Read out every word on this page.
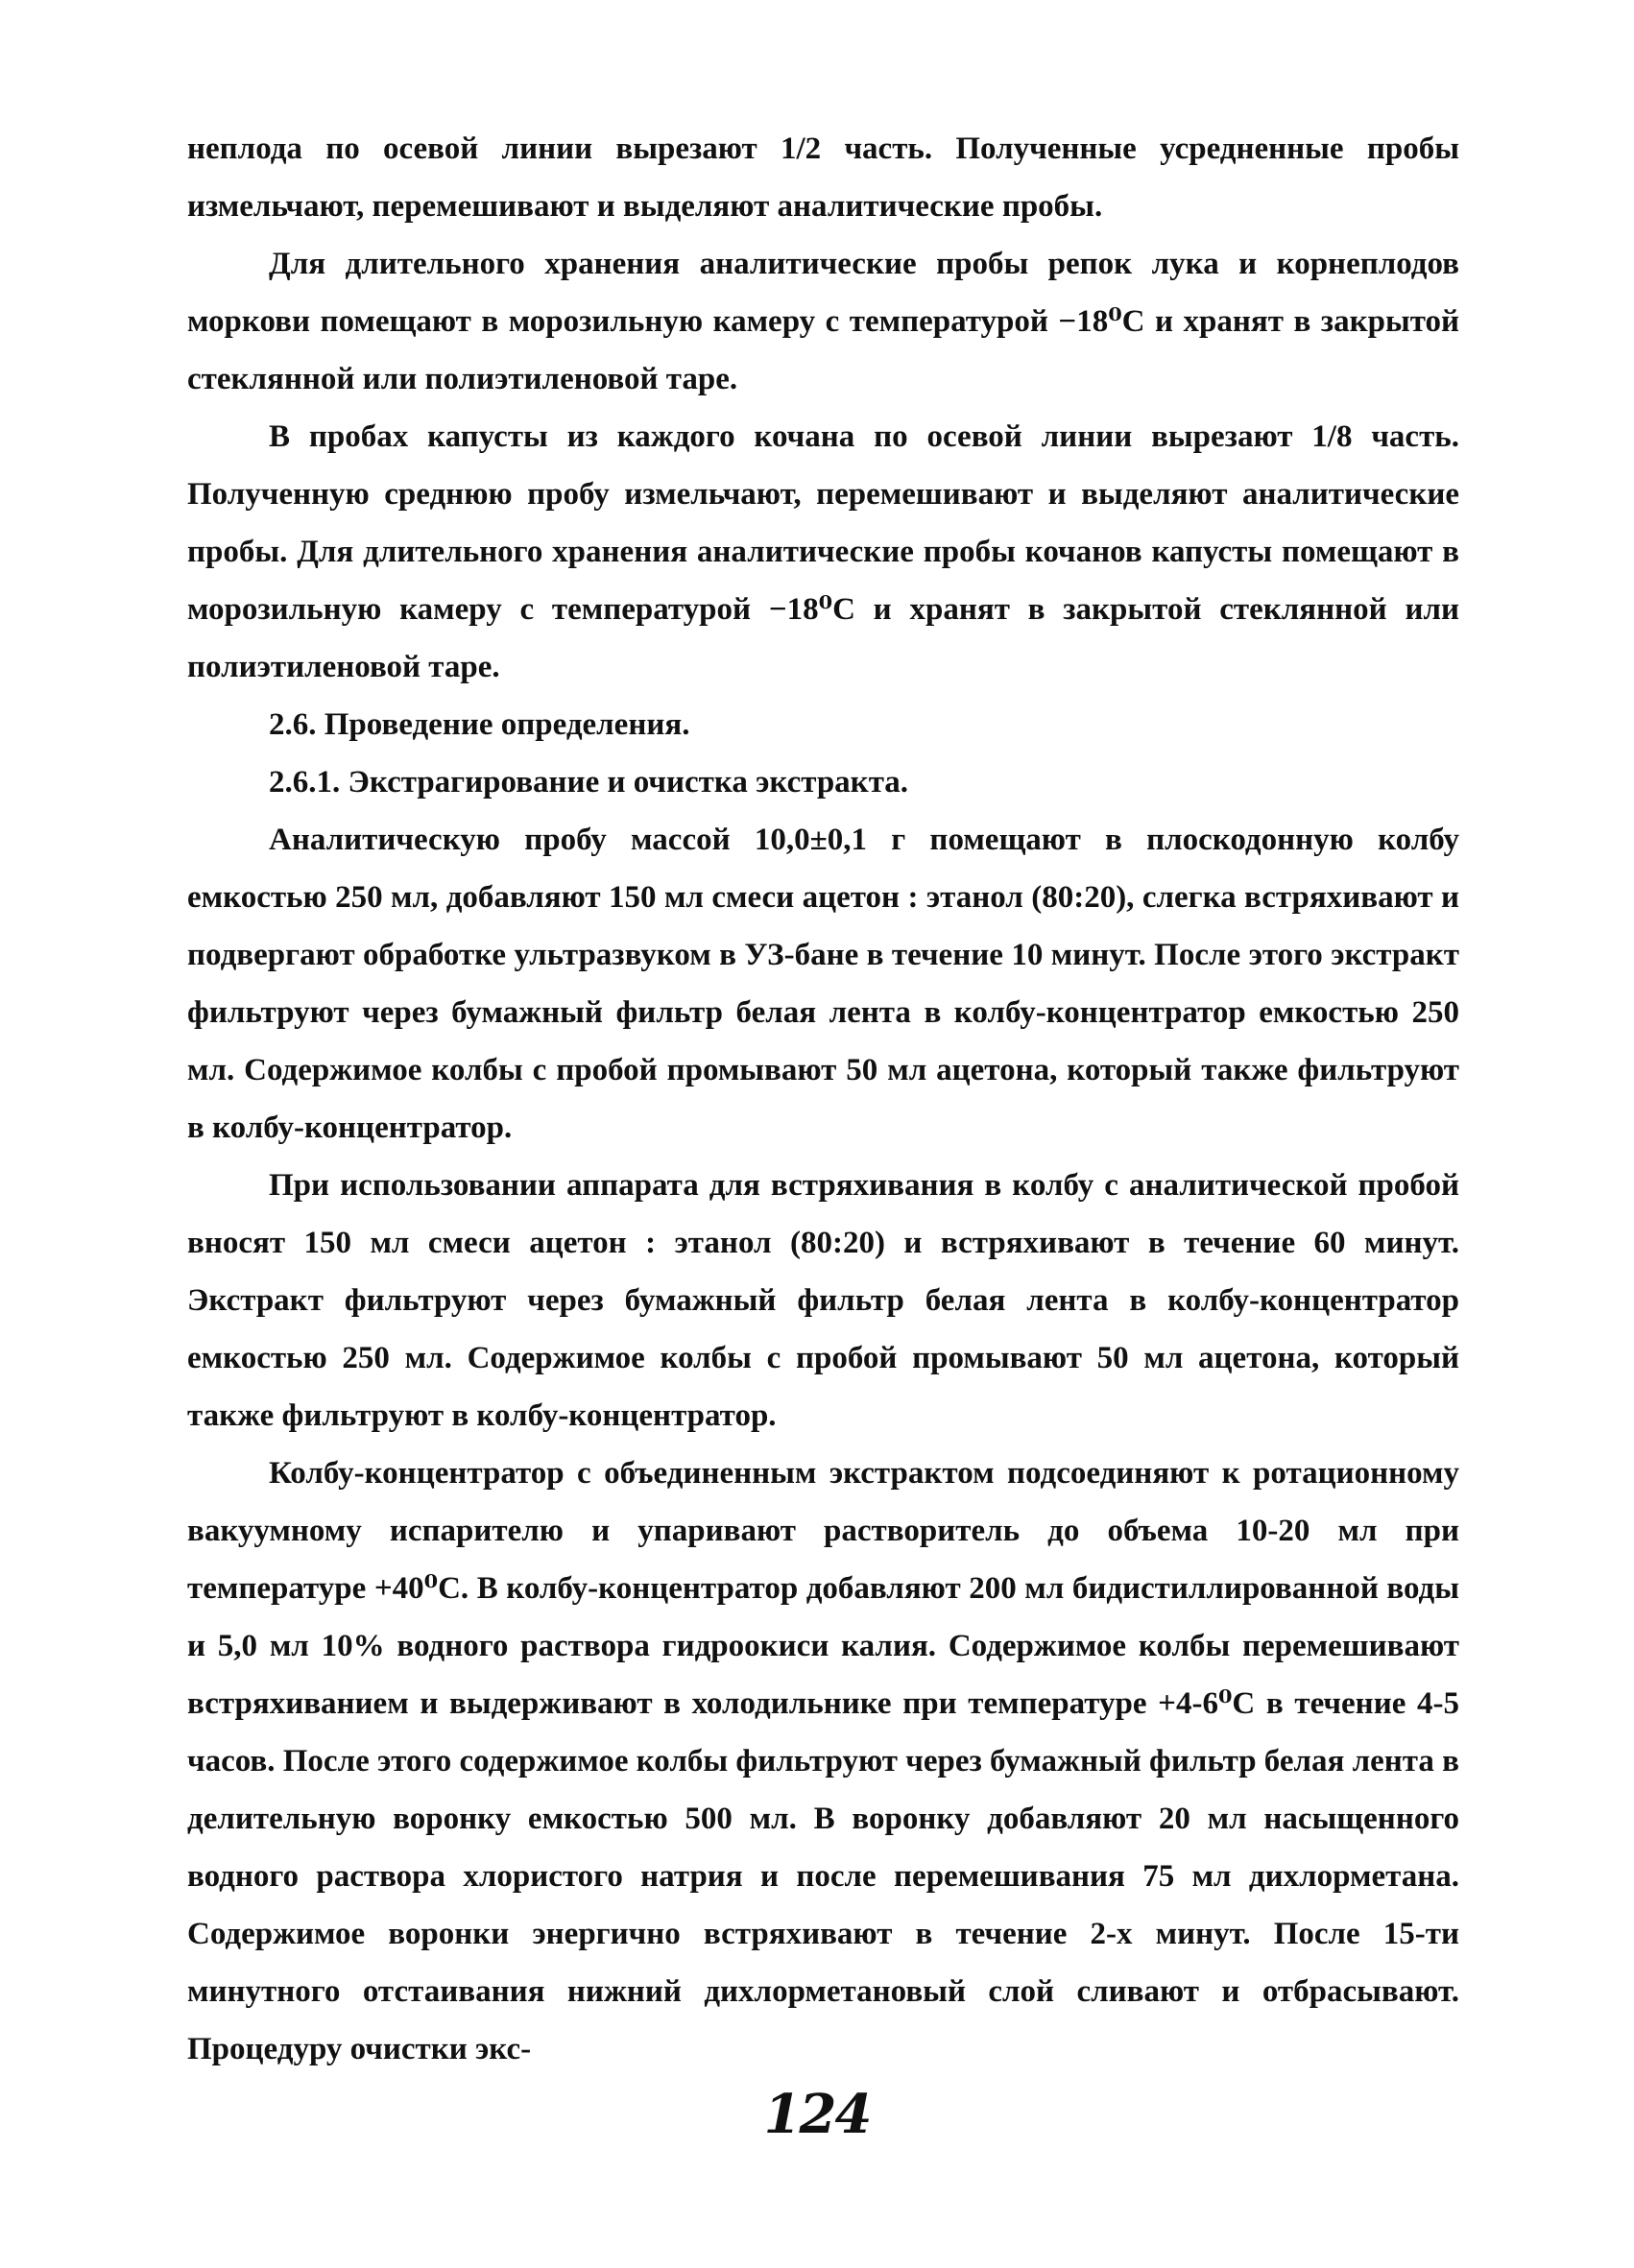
неплода по осевой линии вырезают 1/2 часть. Полученные усредненные пробы измельчают, перемешивают и выделяют аналитические пробы.

Для длительного хранения аналитические пробы репок лука и корнеплодов моркови помещают в морозильную камеру с температурой −18⁰С и хранят в закрытой стеклянной или полиэтиленовой таре.

В пробах капусты из каждого кочана по осевой линии вырезают 1/8 часть. Полученную среднюю пробу измельчают, перемешивают и выделяют аналитические пробы. Для длительного хранения аналитические пробы кочанов капусты помещают в морозильную камеру с температурой −18⁰С и хранят в закрытой стеклянной или полиэтиленовой таре.

2.6. Проведение определения.

2.6.1. Экстрагирование и очистка экстракта.

Аналитическую пробу массой 10,0±0,1 г помещают в плоскодонную колбу емкостью 250 мл, добавляют 150 мл смеси ацетон : этанол (80:20), слегка встряхивают и подвергают обработке ультразвуком в УЗ-бане в течение 10 минут. После этого экстракт фильтруют через бумажный фильтр белая лента в колбу-концентратор емкостью 250 мл. Содержимое колбы с пробой промывают 50 мл ацетона, который также фильтруют в колбу-концентратор.

При использовании аппарата для встряхивания в колбу с аналитической пробой вносят 150 мл смеси ацетон : этанол (80:20) и встряхивают в течение 60 минут. Экстракт фильтруют через бумажный фильтр белая лента в колбу-концентратор емкостью 250 мл. Содержимое колбы с пробой промывают 50 мл ацетона, который также фильтруют в колбу-концентратор.

Колбу-концентратор с объединенным экстрактом подсоединяют к ротационному вакуумному испарителю и упаривают растворитель до объема 10-20 мл при температуре +40⁰С. В колбу-концентратор добавляют 200 мл бидистиллированной воды и 5,0 мл 10% водного раствора гидроокиси калия. Содержимое колбы перемешивают встряхиванием и выдерживают в холодильнике при температуре +4-6⁰С в течение 4-5 часов. После этого содержимое колбы фильтруют через бумажный фильтр белая лента в делительную воронку емкостью 500 мл. В воронку добавляют 20 мл насыщенного водного раствора хлористого натрия и после перемешивания 75 мл дихлорметана. Содержимое воронки энергично встряхивают в течение 2-х минут. После 15-ти минутного отстаивания нижний дихлорметановый слой сливают и отбрасывают. Процедуру очистки экс-

124
